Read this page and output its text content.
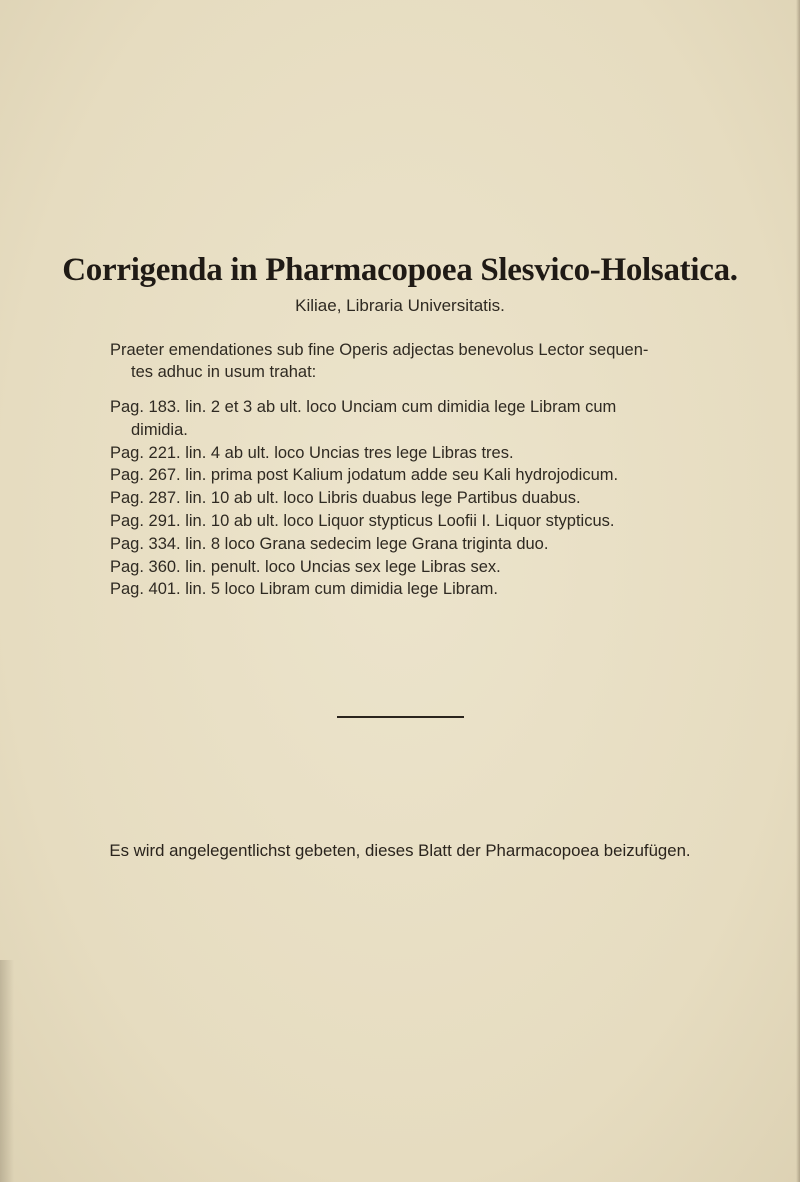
Corrigenda in Pharmacopoea Slesvico-Holsatica.
Kiliae, Libraria Universitatis.
Praeter emendationes sub fine Operis adjectas benevolus Lector sequen-
tes adhuc in usum trahat:
Pag. 183. lin. 2 et 3 ab ult. loco Unciam cum dimidia lege Libram cum
dimidia.
Pag. 221. lin. 4 ab ult. loco Uncias tres lege Libras tres.
Pag. 267. lin. prima post Kalium jodatum adde seu Kali hydrojodicum.
Pag. 287. lin. 10 ab ult. loco Libris duabus lege Partibus duabus.
Pag. 291. lin. 10 ab ult. loco Liquor stypticus Loofii I. Liquor stypticus.
Pag. 334. lin. 8 loco Grana sedecim lege Grana triginta duo.
Pag. 360. lin. penult. loco Uncias sex lege Libras sex.
Pag. 401. lin. 5 loco Libram cum dimidia lege Libram.
Es wird angelegentlichst gebeten, dieses Blatt der Pharmacopoea beizufügen.
